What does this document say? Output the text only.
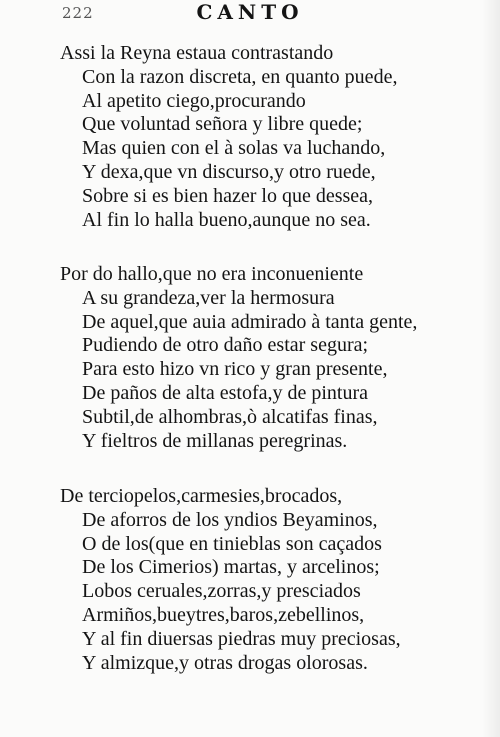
222	CANTO
Assi la Reyna estaua contrastando
Con la razon discreta, en quanto puede,
Al apetito ciego,procurando
Que voluntad señora y libre quede;
Mas quien con el à solas va luchando,
Y dexa,que vn discurso,y otro ruede,
Sobre si es bien hazer lo que dessea,
Al fin lo halla bueno,aunque no sea.
Por do hallo,que no era inconueniente
A su grandeza,ver la hermosura
De aquel,que auia admirado à tanta gente,
Pudiendo de otro daño estar segura;
Para esto hizo vn rico y gran presente,
De paños de alta estofa,y de pintura
Subtil,de alhombras,ò alcatifas finas,
Y fieltros de millanas peregrinas.
De terciopelos,carmesies,brocados,
De aforros de los yndios Beyaminos,
O de los(que en tinieblas son caçados
De los Cimerios) martas, y arcelinos;
Lobos ceruales,zorras,y presciados
Armiños,bueytres,baros,zebellinos,
Y al fin diuersas piedras muy preciosas,
Y almizque,y otras drogas olorosas.
